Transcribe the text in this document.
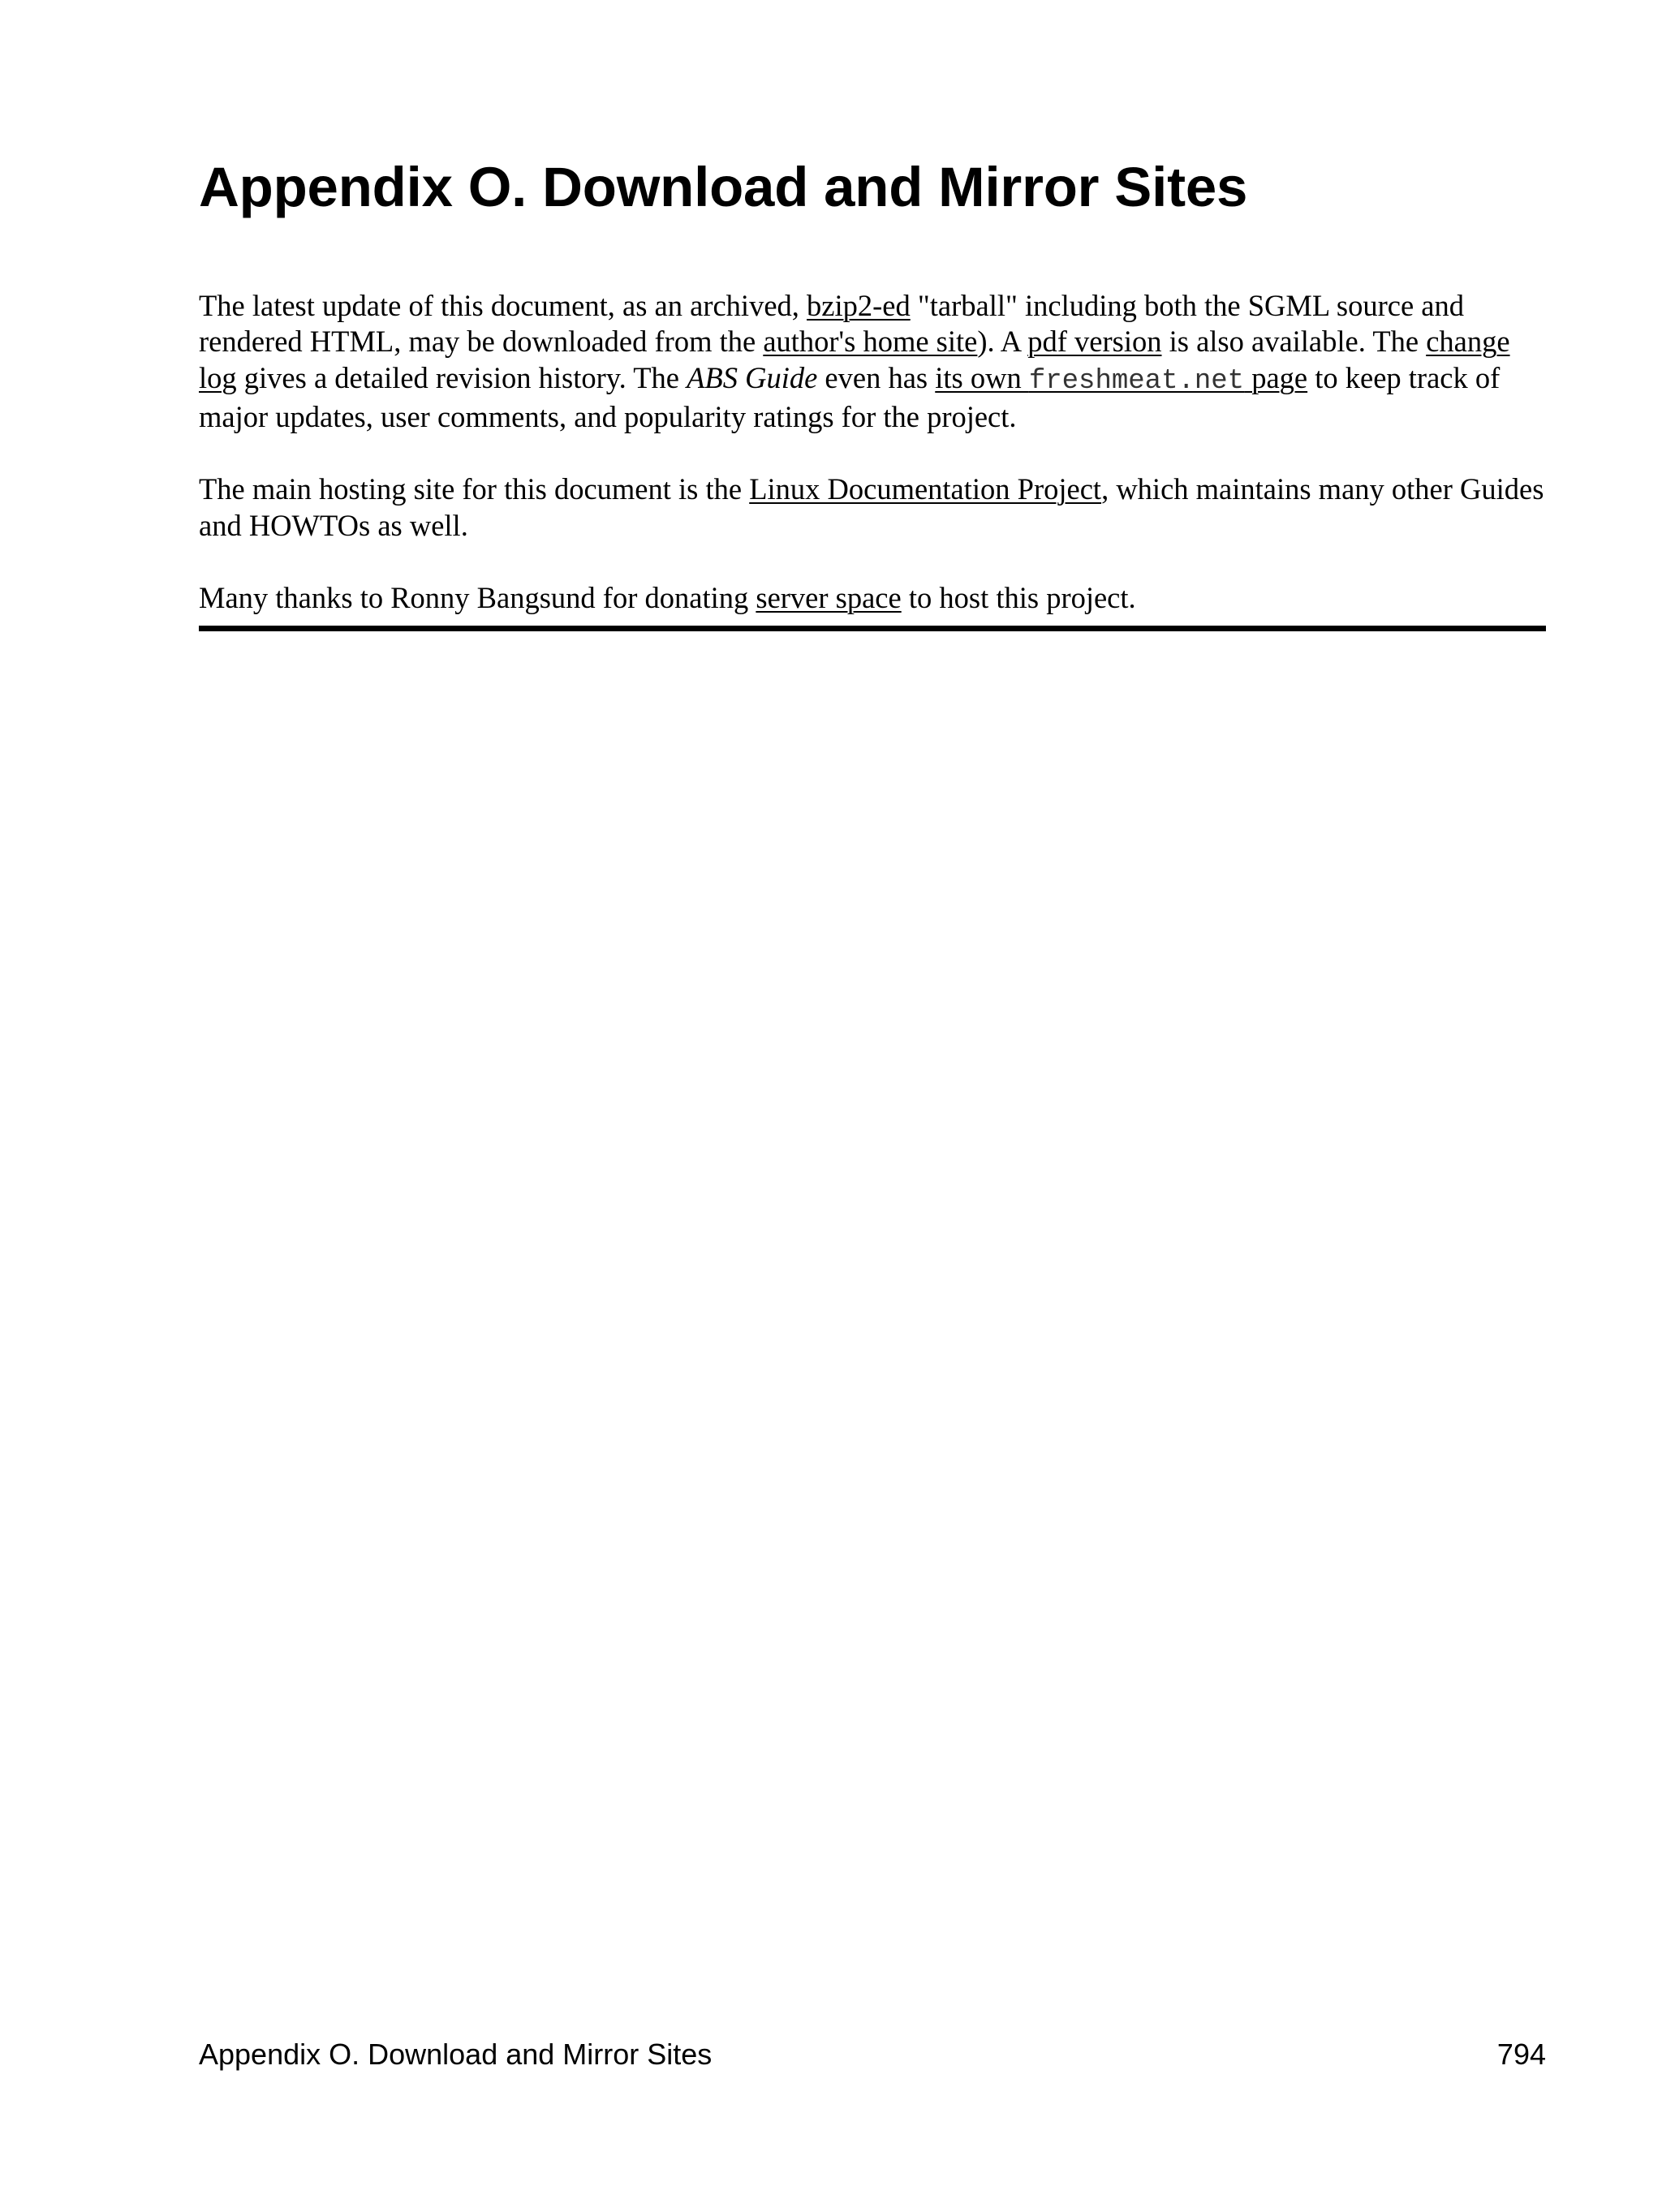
Appendix O. Download and Mirror Sites

The latest update of this document, as an archived, bzip2-ed "tarball" including both the SGML source and rendered HTML, may be downloaded from the author's home site). A pdf version is also available. The change log gives a detailed revision history. The ABS Guide even has its own freshmeat.net page to keep track of major updates, user comments, and popularity ratings for the project.

The main hosting site for this document is the Linux Documentation Project, which maintains many other Guides and HOWTOs as well.

Many thanks to Ronny Bangsund for donating server space to host this project.

Appendix O. Download and Mirror Sites	794
